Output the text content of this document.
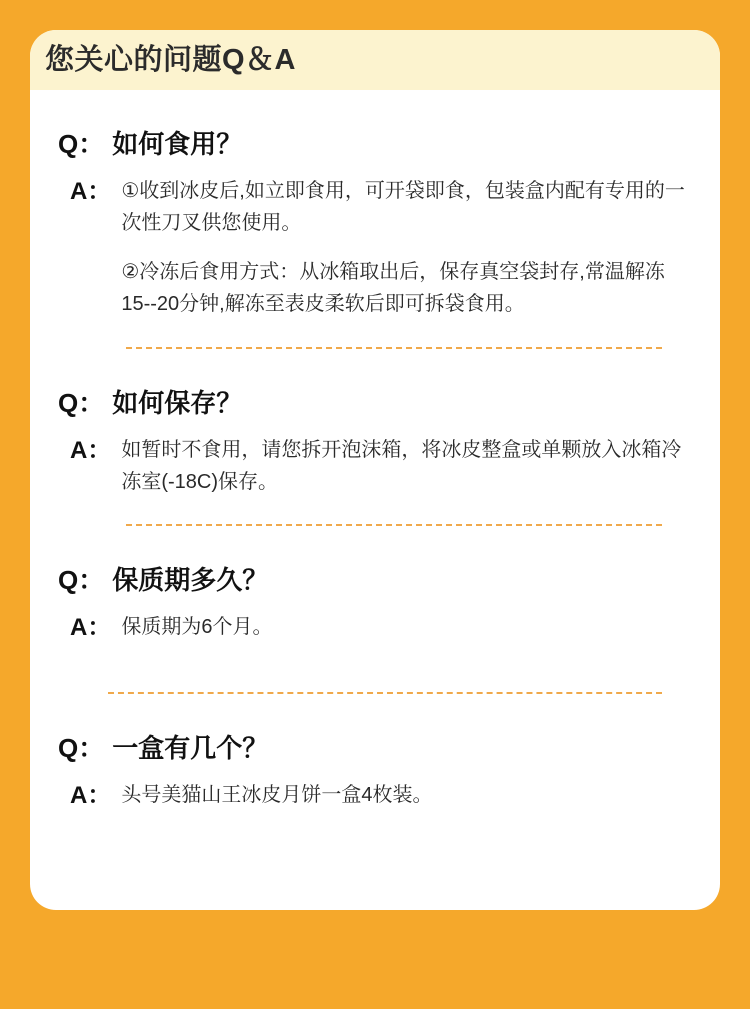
您关心的问题Q＆A
Q： 如何食用？
A： ①收到冰皮后,如立即食用，可开袋即食，包装盒内配有专用的一次性刀叉供您使用。

②冷冻后食用方式：从冰箱取出后，保存真空袋封存,常温解冻15--20分钟,解冻至表皮柔软后即可拆袋食用。

Q： 如何保存？
A： 如暂时不食用，请您拆开泡沫箱，将冰皮整盒或单颗放入冰箱冷冻室(-18C)保存。

Q： 保质期多久？
A： 保质期为6个月。

Q： 一盒有几个？
A： 头号美猫山王冰皮月饼一盒4枚装。
